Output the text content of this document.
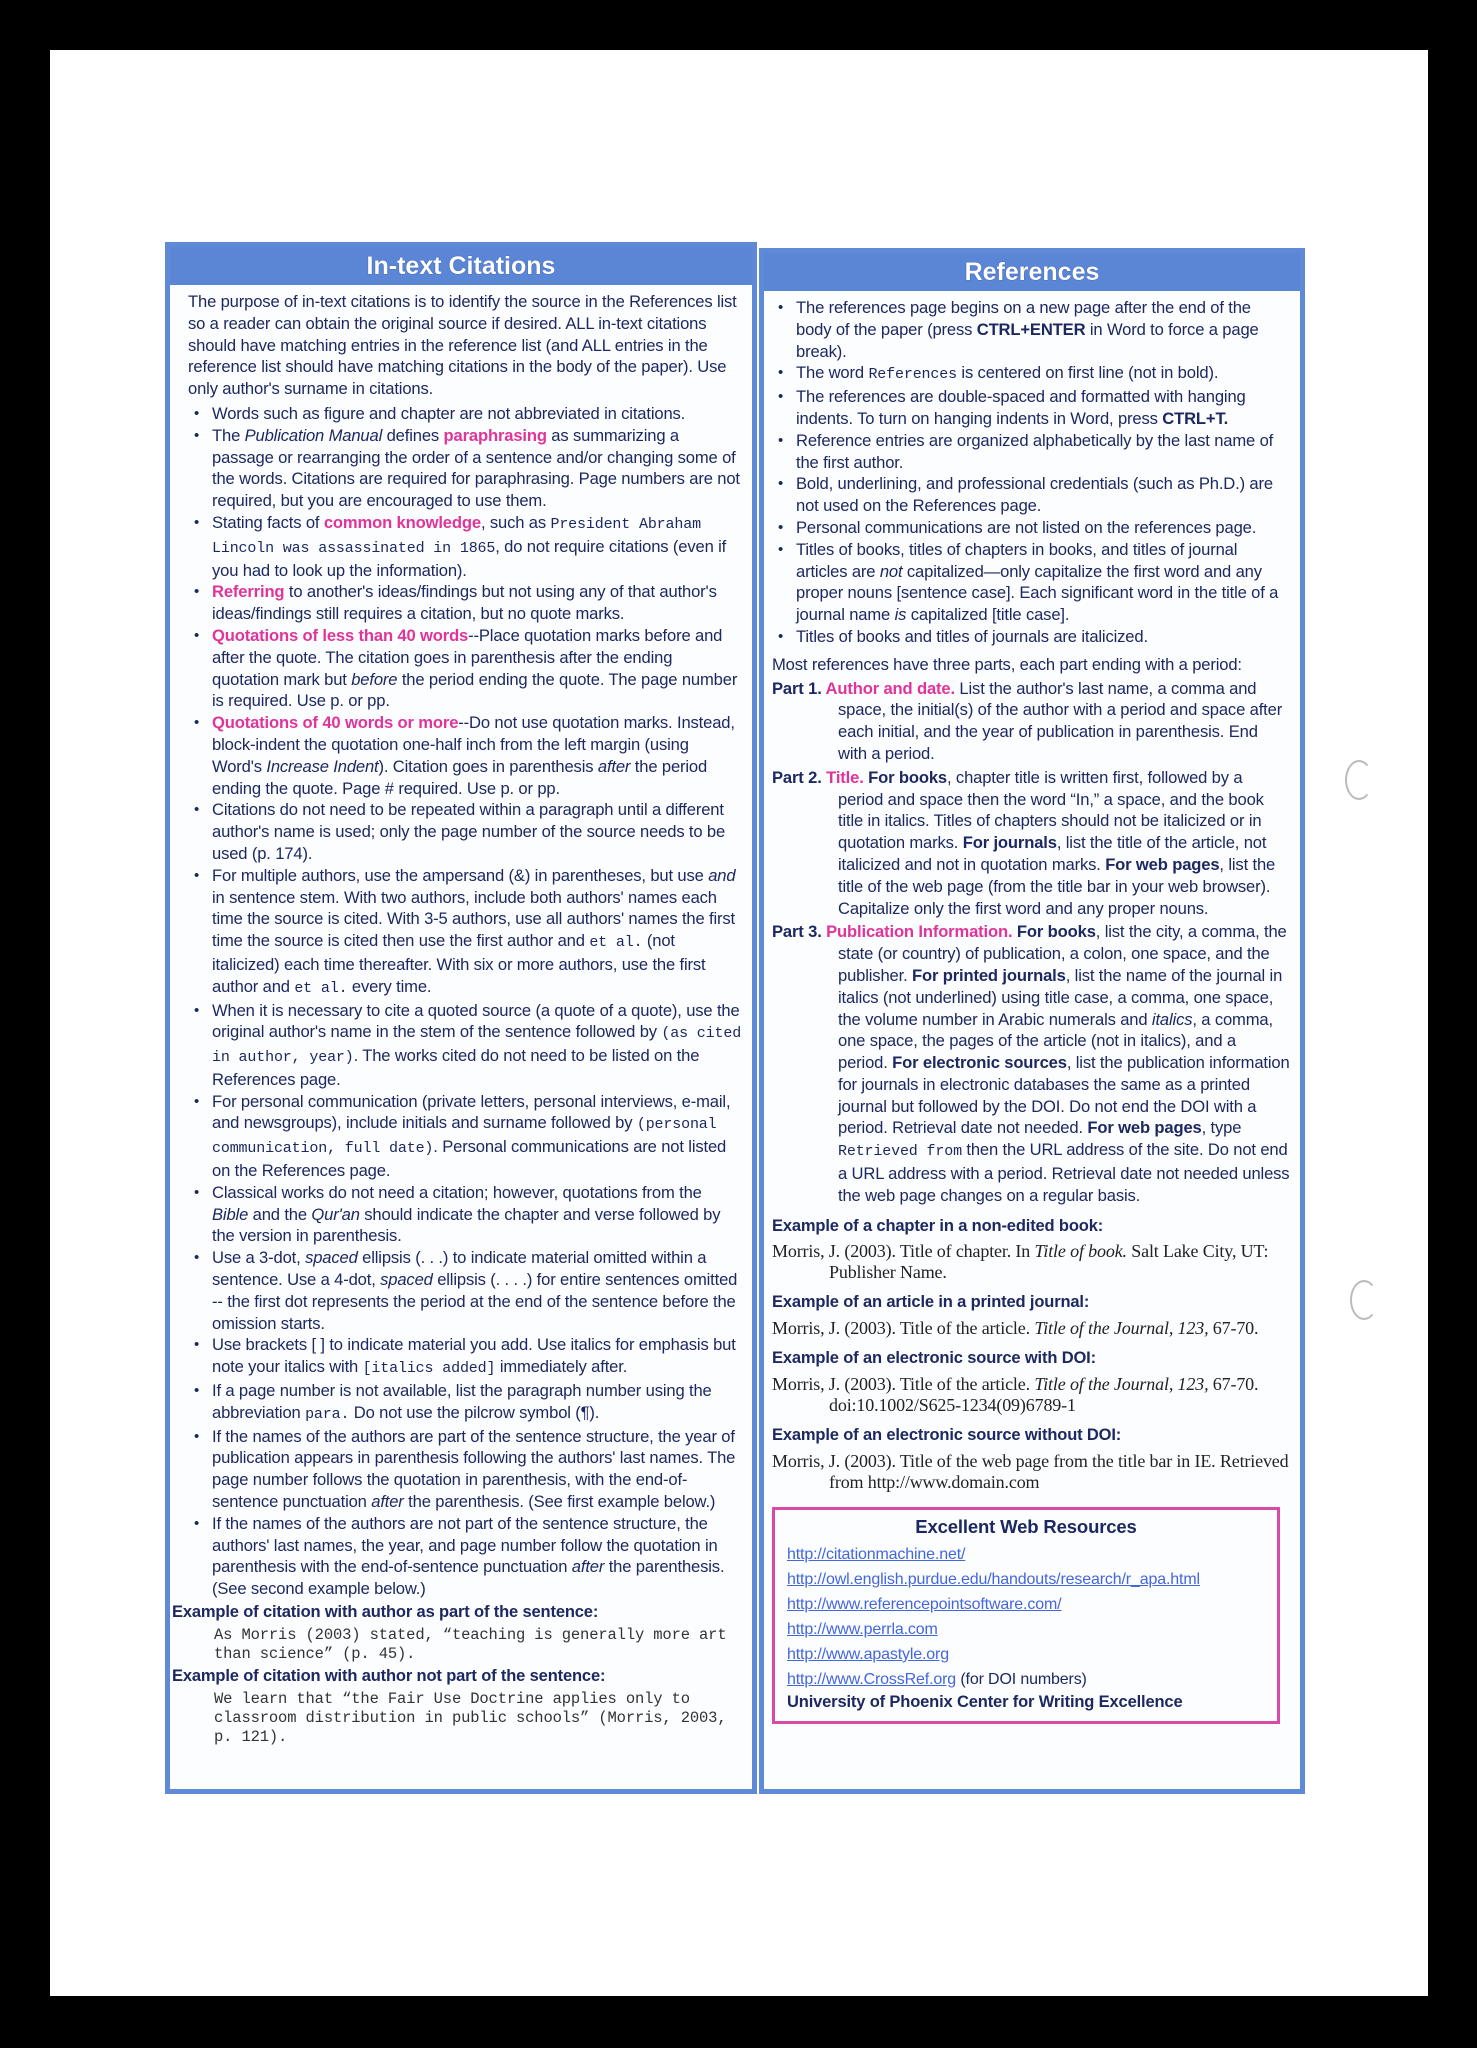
In-text Citations

The purpose of in-text citations is to identify the source in the References list so a reader can obtain the original source if desired. ALL in-text citations should have matching entries in the reference list (and ALL entries in the reference list should have matching citations in the body of the paper). Use only author's surname in citations.

• Words such as figure and chapter are not abbreviated in citations.
• The Publication Manual defines paraphrasing as summarizing a passage or rearranging the order of a sentence and/or changing some of the words. Citations are required for paraphrasing. Page numbers are not required, but you are encouraged to use them.
• Stating facts of common knowledge, such as President Abraham Lincoln was assassinated in 1865, do not require citations (even if you had to look up the information).
• Referring to another's ideas/findings but not using any of that author's ideas/findings still requires a citation, but no quote marks.
• Quotations of less than 40 words--Place quotation marks before and after the quote. The citation goes in parenthesis after the ending quotation mark but before the period ending the quote. The page number is required. Use p. or pp.
• Quotations of 40 words or more--Do not use quotation marks. Instead, block-indent the quotation one-half inch from the left margin (using Word's Increase Indent). Citation goes in parenthesis after the period ending the quote. Page # required. Use p. or pp.
• Citations do not need to be repeated within a paragraph until a different author's name is used; only the page number of the source needs to be used (p. 174).
• For multiple authors, use the ampersand (&) in parentheses, but use and in sentence stem. With two authors, include both authors' names each time the source is cited. With 3-5 authors, use all authors' names the first time the source is cited then use the first author and et al. (not italicized) each time thereafter. With six or more authors, use the first author and et al. every time.
• When it is necessary to cite a quoted source (a quote of a quote), use the original author's name in the stem of the sentence followed by (as cited in author, year). The works cited do not need to be listed on the References page.
• For personal communication (private letters, personal interviews, e-mail, and newsgroups), include initials and surname followed by (personal communication, full date). Personal communications are not listed on the References page.
• Classical works do not need a citation; however, quotations from the Bible and the Qur'an should indicate the chapter and verse followed by the version in parenthesis.
• Use a 3-dot, spaced ellipsis (. . .) to indicate material omitted within a sentence. Use a 4-dot, spaced ellipsis (. . . .) for entire sentences omitted -- the first dot represents the period at the end of the sentence before the omission starts.
• Use brackets [ ] to indicate material you add. Use italics for emphasis but note your italics with [italics added] immediately after.
• If a page number is not available, list the paragraph number using the abbreviation para. Do not use the pilcrow symbol (¶).
• If the names of the authors are part of the sentence structure, the year of publication appears in parenthesis following the authors' last names. The page number follows the quotation in parenthesis, with the end-of-sentence punctuation after the parenthesis. (See first example below.)
• If the names of the authors are not part of the sentence structure, the authors' last names, the year, and page number follow the quotation in parenthesis with the end-of-sentence punctuation after the parenthesis. (See second example below.)
Example of citation with author as part of the sentence:
As Morris (2003) stated, “teaching is generally more art than science” (p. 45).
Example of citation with author not part of the sentence:
We learn that “the Fair Use Doctrine applies only to classroom distribution in public schools” (Morris, 2003, p. 121).
References
• The references page begins on a new page after the end of the body of the paper (press CTRL+ENTER in Word to force a page break).
• The word References is centered on first line (not in bold).
• The references are double-spaced and formatted with hanging indents. To turn on hanging indents in Word, press CTRL+T.
• Reference entries are organized alphabetically by the last name of the first author.
• Bold, underlining, and professional credentials (such as Ph.D.) are not used on the References page.
• Personal communications are not listed on the references page.
• Titles of books, titles of chapters in books, and titles of journal articles are not capitalized—only capitalize the first word and any proper nouns [sentence case]. Each significant word in the title of a journal name is capitalized [title case].
• Titles of books and titles of journals are italicized.

Most references have three parts, each part ending with a period:

Part 1. Author and date. List the author's last name, a comma and space, the initial(s) of the author with a period and space after each initial, and the year of publication in parenthesis. End with a period.

Part 2. Title. For books, chapter title is written first, followed by a period and space then the word “In,” a space, and the book title in italics. Titles of chapters should not be italicized or in quotation marks. For journals, list the title of the article, not italicized and not in quotation marks. For web pages, list the title of the web page (from the title bar in your web browser). Capitalize only the first word and any proper nouns.

Part 3. Publication Information. For books, list the city, a comma, the state (or country) of publication, a colon, one space, and the publisher. For printed journals, list the name of the journal in italics (not underlined) using title case, a comma, one space, the volume number in Arabic numerals and italics, a comma, one space, the pages of the article (not in italics), and a period. For electronic sources, list the publication information for journals in electronic databases the same as a printed journal but followed by the DOI. Do not end the DOI with a period. Retrieval date not needed. For web pages, type Retrieved from then the URL address of the site. Do not end a URL address with a period. Retrieval date not needed unless the web page changes on a regular basis.

Example of a chapter in a non-edited book:
Morris, J. (2003). Title of chapter. In Title of book. Salt Lake City, UT: Publisher Name.
Example of an article in a printed journal:
Morris, J. (2003). Title of the article. Title of the Journal, 123, 67-70.
Example of an electronic source with DOI:
Morris, J. (2003). Title of the article. Title of the Journal, 123, 67-70. doi:10.1002/S625-1234(09)6789-1
Example of an electronic source without DOI:
Morris, J. (2003). Title of the web page from the title bar in IE. Retrieved from http://www.domain.com
Excellent Web Resources
http://citationmachine.net/
http://owl.english.purdue.edu/handouts/research/r_apa.html
http://www.referencepointsoftware.com/
http://www.perrla.com
http://www.apastyle.org
http://www.CrossRef.org (for DOI numbers)
University of Phoenix Center for Writing Excellence
